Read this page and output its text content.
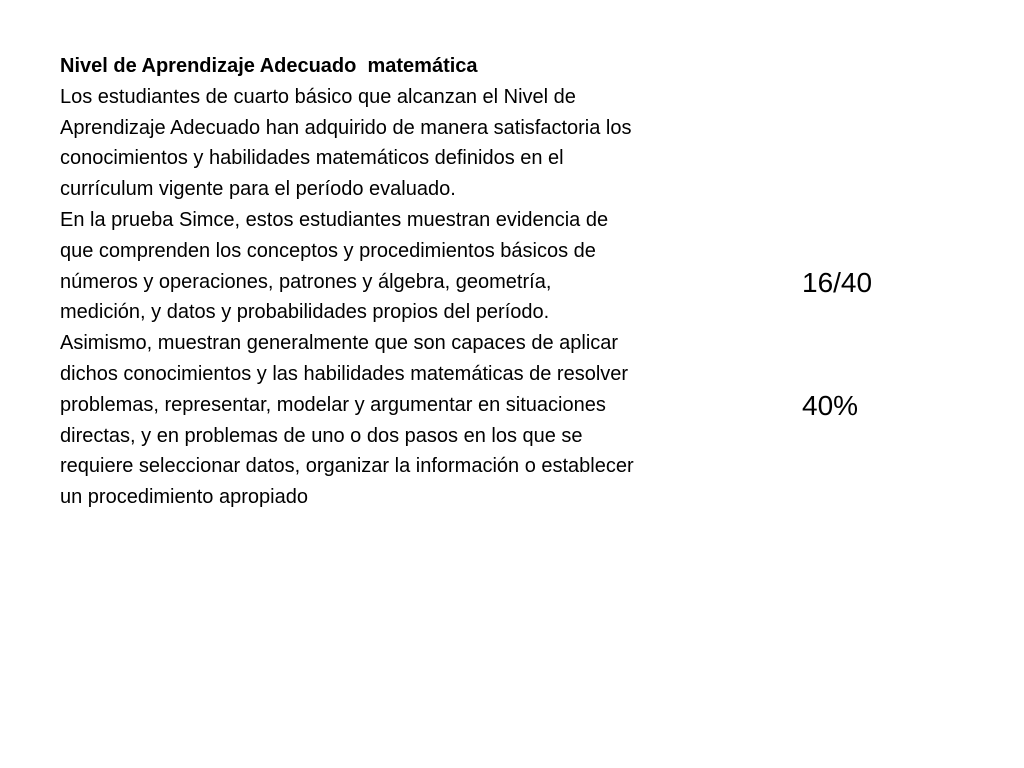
Nivel de Aprendizaje Adecuado  matemática

Los estudiantes de cuarto básico que alcanzan el Nivel de Aprendizaje Adecuado han adquirido de manera satisfactoria los conocimientos y habilidades matemáticos definidos en el currículum vigente para el período evaluado.

En la prueba Simce, estos estudiantes muestran evidencia de que comprenden los conceptos y procedimientos básicos de números y operaciones, patrones y álgebra, geometría, medición, y datos y probabilidades propios del período.

Asimismo, muestran generalmente que son capaces de aplicar dichos conocimientos y las habilidades matemáticas de resolver problemas, representar, modelar y argumentar en situaciones directas, y en problemas de uno o dos pasos en los que se requiere seleccionar datos, organizar la información o establecer un procedimiento apropiado

16/40
40%
